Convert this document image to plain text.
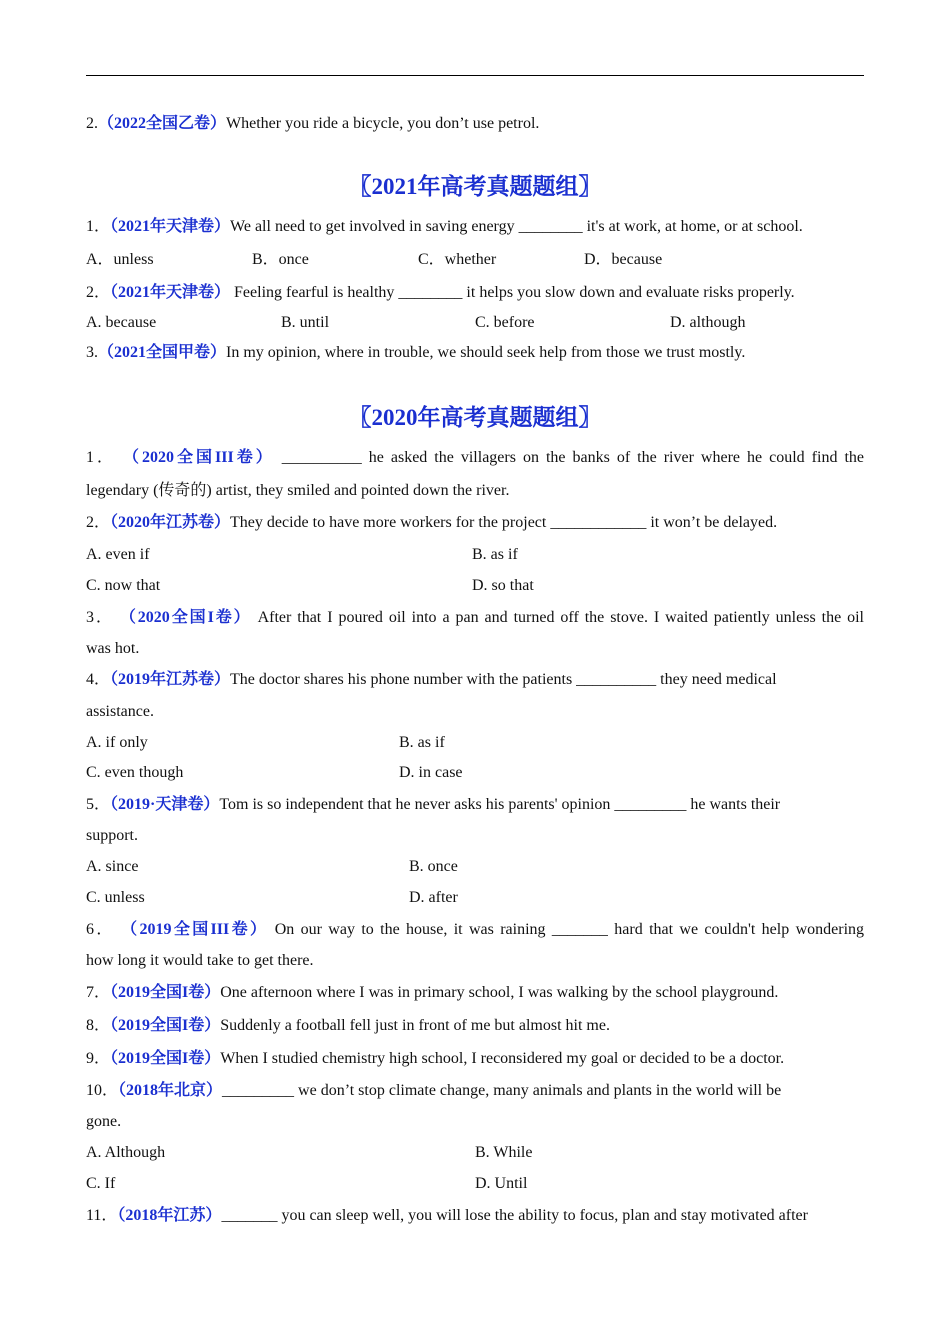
2.（2022全国乙卷）Whether you ride a bicycle, you don’t use petrol.
〖2021年高考真题题组〗
1．（2021年天津卷）We all need to get involved in saving energy ________ it's at work, at home, or at school.
A．unless	B．once	C．whether	D．because
2．（2021年天津卷） Feeling fearful is healthy ________ it helps you slow down and evaluate risks properly.
A. because	B. until	C. before	D. although
3.（2021全国甲卷）In my opinion, where in trouble, we should seek help from those we trust mostly.
〖2020年高考真题题组〗
1． （2020全国III卷） __________ he asked the villagers on the banks of the river where he could find the
legendary (传奇的) artist, they smiled and pointed down the river.
2．（2020年江苏卷）They decide to have more workers for the project ____________ it won’t be delayed.
A. even if	B. as if
C. now that	D. so that
3． （2020全国I卷） After that I poured oil into a pan and turned off the stove. I waited patiently unless the oil
was hot.
4．（2019年江苏卷）The doctor shares his phone number with the patients __________ they need medical
assistance.
A. if only	B. as if
C. even though	D. in case
5．（2019·天津卷）Tom is so independent that he never asks his parents' opinion _________ he wants their
support.
A. since	B. once
C. unless	D. after
6． （2019全国III卷） On our way to the house, it was raining _______ hard that we couldn't help wondering
how long it would take to get there.
7．（2019全国I卷）One afternoon where I was in primary school, I was walking by the school playground.
8．（2019全国I卷）Suddenly a football fell just in front of me but almost hit me.
9．（2019全国I卷）When I studied chemistry high school, I reconsidered my goal or decided to be a doctor.
10．（2018年北京）_________ we don’t stop climate change, many animals and plants in the world will be
gone.
A. Although	B. While
C. If	D. Until
11．（2018年江苏）_______ you can sleep well, you will lose the ability to focus, plan and stay motivated after
